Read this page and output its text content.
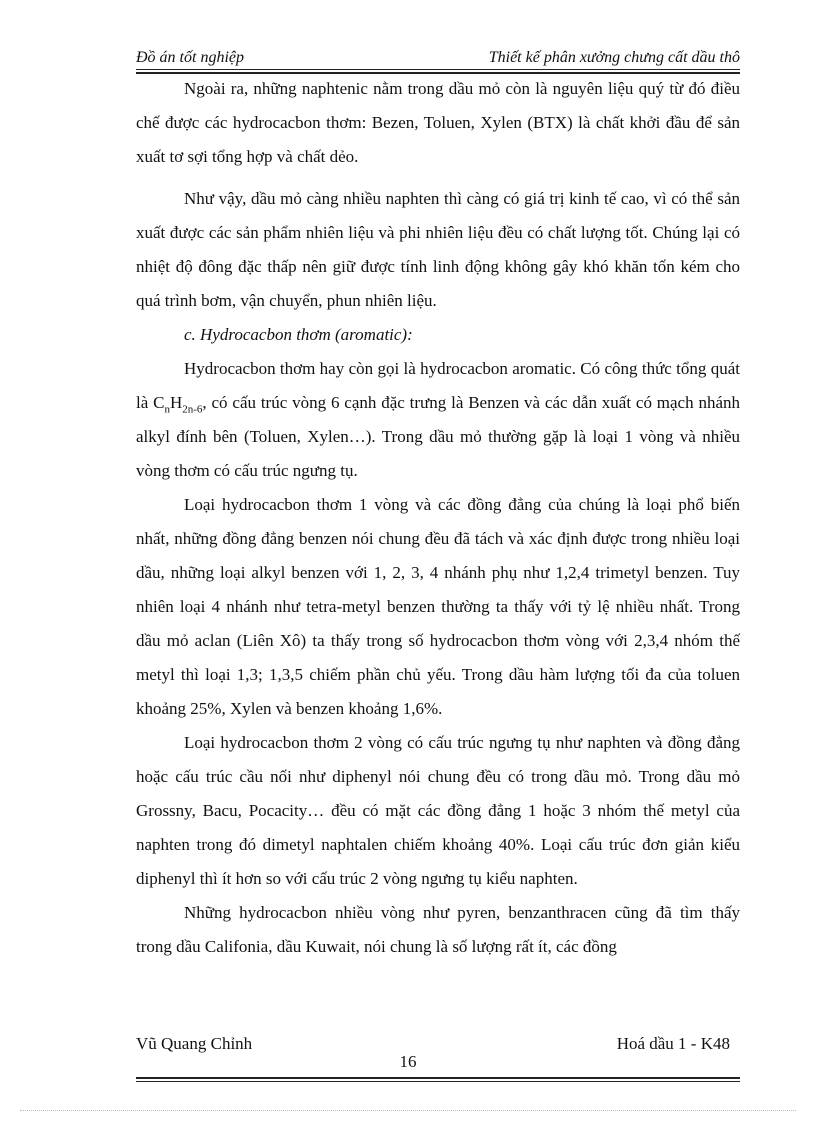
Đồ án tốt nghiệp	Thiết kế phân xưởng chưng cất dầu thô

Ngoài ra, những naphtenic nằm trong dầu mỏ còn là nguyên liệu quý từ đó điều chế được các hydrocacbon thơm: Bezen, Toluen, Xylen (BTX) là chất khởi đầu để sản xuất tơ sợi tổng hợp và chất dẻo.

Như vậy, dầu mỏ càng nhiều naphten thì càng có giá trị kinh tế cao, vì có thể sản xuất được các sản phẩm nhiên liệu và phi nhiên liệu đều có chất lượng tốt. Chúng lại có nhiệt độ đông đặc thấp nên giữ được tính linh động không gây khó khăn tốn kém cho quá trình bơm, vận chuyển, phun nhiên liệu.

c. Hydrocacbon thơm (aromatic):

Hydrocacbon thơm hay còn gọi là hydrocacbon aromatic. Có công thức tổng quát là $C_nH_{2n-6}$, có cấu trúc vòng 6 cạnh đặc trưng là Benzen và các dẫn xuất có mạch nhánh alkyl đính bên (Toluen, Xylen…). Trong dầu mỏ thường gặp là loại 1 vòng và nhiều vòng thơm có cấu trúc ngưng tụ.

Loại hydrocacbon thơm 1 vòng và các đồng đẳng của chúng là loại phổ biến nhất, những đồng đẳng benzen nói chung đều đã tách và xác định được trong nhiều loại dầu, những loại alkyl benzen với 1, 2, 3, 4 nhánh phụ như 1,2,4 trimetyl benzen. Tuy nhiên loại 4 nhánh như tetra-metyl benzen thường ta thấy với tỷ lệ nhiều nhất. Trong dầu mỏ aclan (Liên Xô) ta thấy trong số hydrocacbon thơm vòng với 2,3,4 nhóm thế metyl thì loại 1,3; 1,3,5 chiếm phần chủ yếu. Trong dầu hàm lượng tối đa của toluen khoảng 25%, Xylen và benzen khoảng 1,6%.

Loại hydrocacbon thơm 2 vòng có cấu trúc ngưng tụ như naphten và đồng đẳng hoặc cấu trúc cầu nối như diphenyl nói chung đều có trong dầu mỏ. Trong dầu mỏ Grossny, Bacu, Pocacity… đều có mặt các đồng đẳng 1 hoặc 3 nhóm thế metyl của naphten trong đó dimetyl naphtalen chiếm khoảng 40%. Loại cấu trúc đơn giản kiểu diphenyl thì ít hơn so với cấu trúc 2 vòng ngưng tụ kiểu naphten.

Những hydrocacbon nhiều vòng như pyren, benzanthracen cũng đã tìm thấy trong dầu Califonia, dầu Kuwait, nói chung là số lượng rất ít, các đồng

Vũ Quang Chỉnh	Hoá dầu 1 - K48
16
